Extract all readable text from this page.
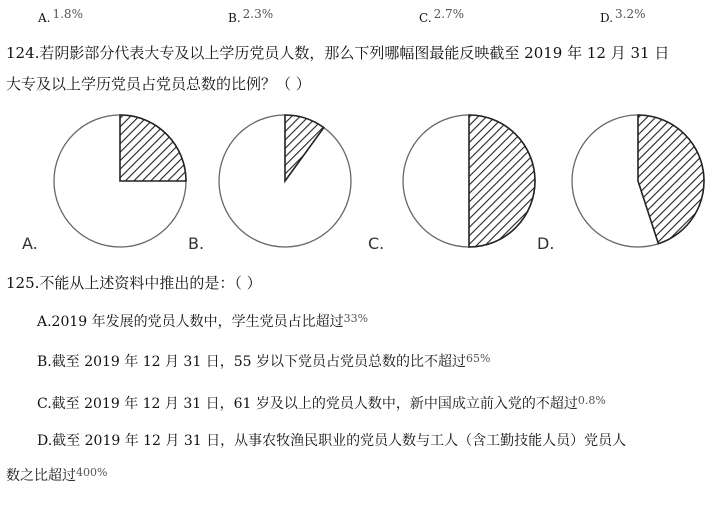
A. 1.8%	B. 2.3%	C. 2.7%	D. 3.2%
124.若阴影部分代表大专及以上学历党员人数，那么下列哪幅图最能反映截至 2019 年 12 月 31 日
大专及以上学历党员占党员总数的比例？（ ）
A.	B.	C.	D.
125.不能从上述资料中推出的是：（ ）
A.2019 年发展的党员人数中，学生党员占比超过$^{33\%}$
B.截至 2019 年 12 月 31 日，55 岁以下党员占党员总数的比不超过$^{65\%}$
C.截至 2019 年 12 月 31 日，61 岁及以上的党员人数中，新中国成立前入党的不超过$^{0.8\%}$
D.截至 2019 年 12 月 31 日，从事农牧渔民职业的党员人数与工人（含工勤技能人员）党员人
数之比超过$^{400\%}$
